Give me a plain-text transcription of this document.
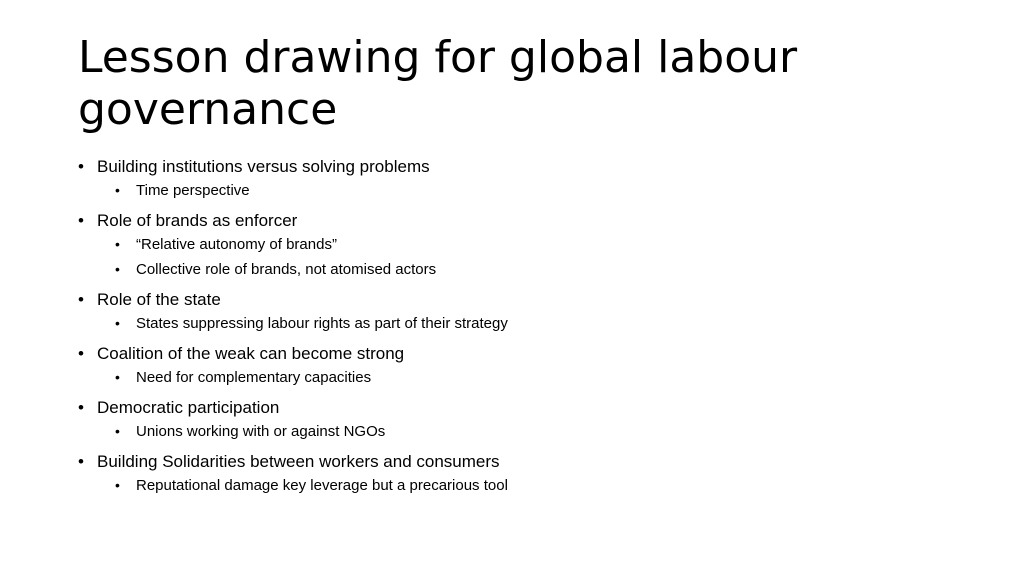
Lesson drawing for global labour governance
• Building institutions versus solving problems
• Time perspective
• Role of brands as enforcer
• “Relative autonomy of brands”
• Collective role of brands, not atomised actors
• Role of the state
• States suppressing labour rights as part of their strategy
• Coalition of the weak can become strong
• Need for complementary capacities
• Democratic participation
• Unions working with or against NGOs
• Building Solidarities between workers and consumers
• Reputational damage key leverage but a precarious tool
